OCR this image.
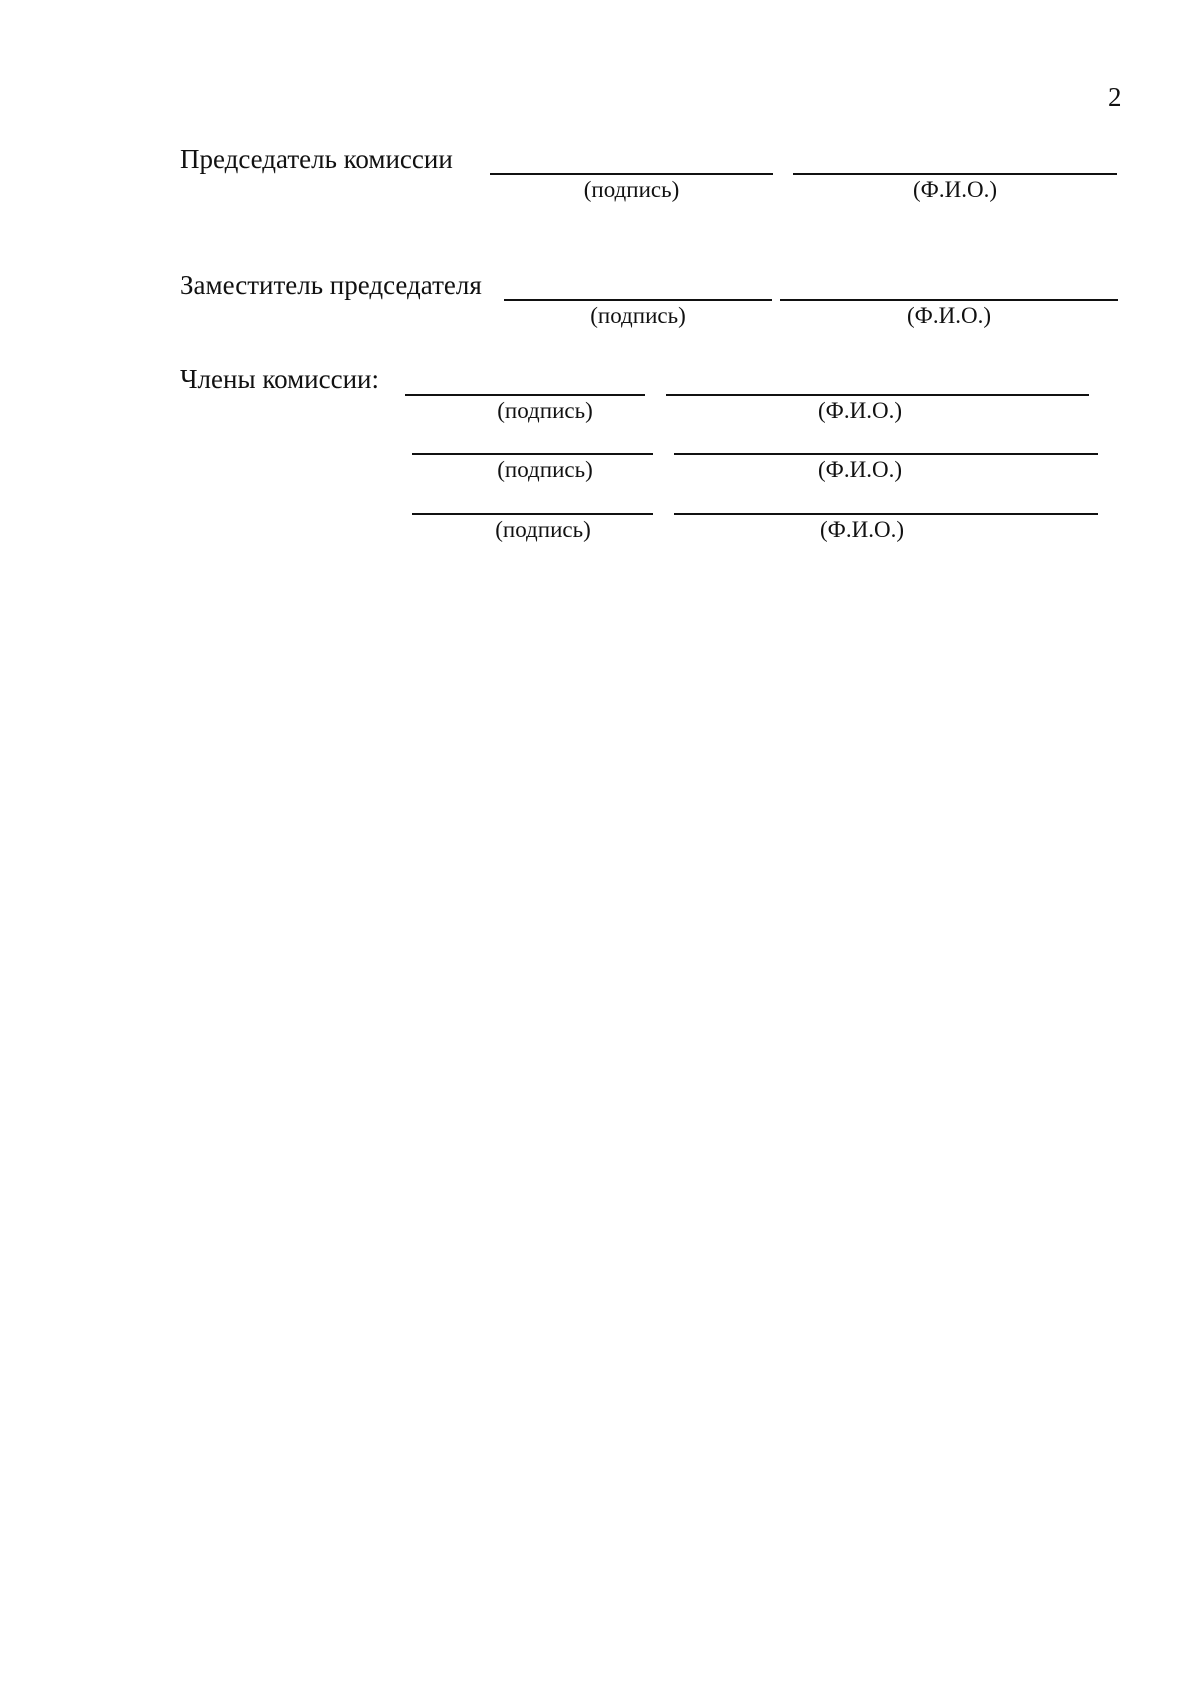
2
Председатель комиссии
(подпись)	(Ф.И.О.)
Заместитель председателя
(подпись)	(Ф.И.О.)
Члены комиссии:
(подпись)	(Ф.И.О.)
(подпись)	(Ф.И.О.)
(подпись)	(Ф.И.О.)
